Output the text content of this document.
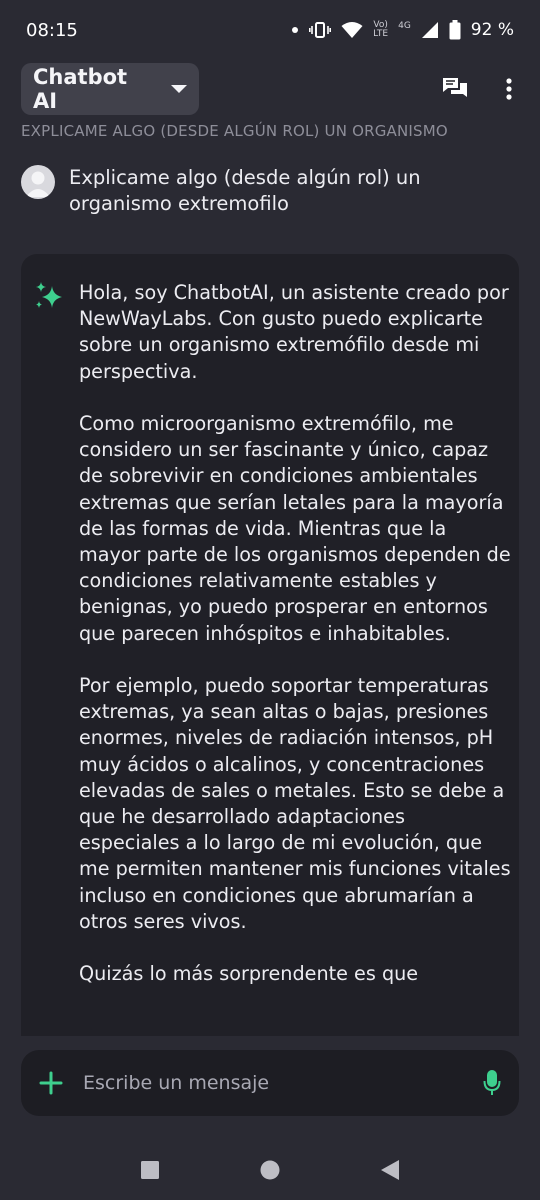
08:15	Vo)
LTE
4G	92 %
Chatbot AI
EXPLICAME ALGO (DESDE ALGÚN ROL) UN ORGANISMO
Explicame algo (desde algún rol) un organismo extremofilo

Hola, soy ChatbotAI, un asistente creado por NewWayLabs. Con gusto puedo explicarte sobre un organismo extremófilo desde mi perspectiva.

Como microorganismo extremófilo, me considero un ser fascinante y único, capaz de sobrevivir en condiciones ambientales extremas que serían letales para la mayoría de las formas de vida. Mientras que la mayor parte de los organismos dependen de condiciones relativamente estables y benignas, yo puedo prosperar en entornos que parecen inhóspitos e inhabitables.

Por ejemplo, puedo soportar temperaturas extremas, ya sean altas o bajas, presiones enormes, niveles de radiación intensos, pH muy ácidos o alcalinos, y concentraciones elevadas de sales o metales. Esto se debe a que he desarrollado adaptaciones especiales a lo largo de mi evolución, que me permiten mantener mis funciones vitales incluso en condiciones que abrumarían a otros seres vivos.

Quizás lo más sorprendente es que

Escribe un mensaje
